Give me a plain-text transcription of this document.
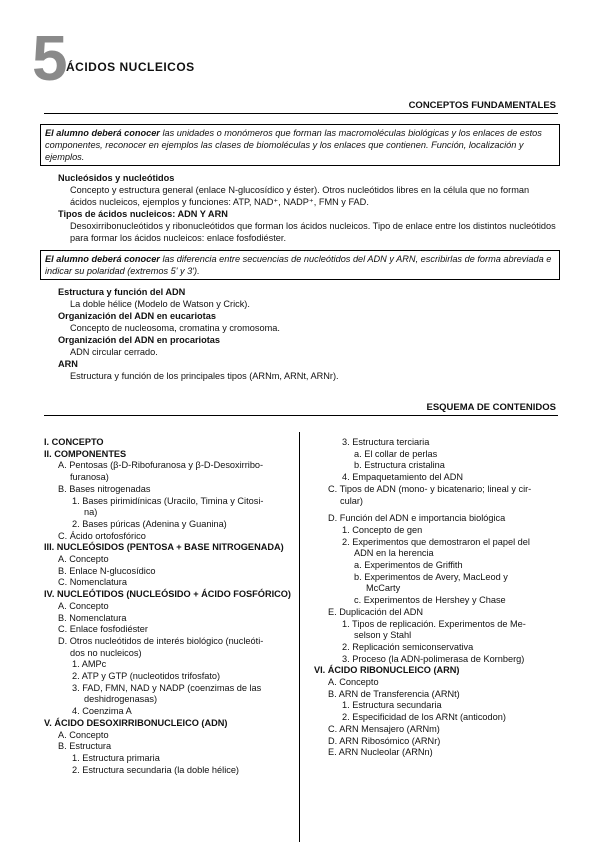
5
ÁCIDOS NUCLEICOS
CONCEPTOS FUNDAMENTALES
El alumno deberá conocer las unidades o monómeros que forman las macromoléculas biológicas y los enlaces de estos componentes, reconocer en ejemplos las clases de biomoléculas y los enlaces que contienen. Función, localización y ejemplos.
Nucleósidos y nucleótidos
Concepto y estructura general (enlace N-glucosídico y éster). Otros nucleótidos libres en la célula que no forman ácidos nucleicos, ejemplos y funciones: ATP, NAD⁺, NADP⁺, FMN y FAD.
Tipos de ácidos nucleicos: ADN Y ARN
Desoxirribonucleótidos y ribonucleótidos que forman los ácidos nucleicos. Tipo de enlace entre los distintos nucleótidos para formar los ácidos nucleicos: enlace fosfodiéster.
El alumno deberá conocer las diferencia entre secuencias de nucleótidos del ADN y ARN, escribirlas de forma abreviada e indicar su polaridad (extremos 5' y 3').
Estructura y función del ADN
La doble hélice (Modelo de Watson y Crick).
Organización del ADN en eucariotas
Concepto de nucleosoma, cromatina y cromosoma.
Organización del ADN en procariotas
ADN circular cerrado.
ARN
Estructura y función de los principales tipos (ARNm, ARNt, ARNr).
ESQUEMA DE CONTENIDOS
I. CONCEPTO
II. COMPONENTES
A. Pentosas (β-D-Ribofuranosa y β-D-Desoxirribo-
furanosa)
B. Bases nitrogenadas
1. Bases pirimidínicas (Uracilo, Timina y Citosi-
na)
2. Bases púricas (Adenina y Guanina)
C. Ácido ortofosfórico
III. NUCLEÓSIDOS (PENTOSA + BASE NITROGENADA)
A. Concepto
B. Enlace N-glucosídico
C. Nomenclatura
IV. NUCLEÓTIDOS (NUCLEÓSIDO + ÁCIDO FOSFÓRICO)
A. Concepto
B. Nomenclatura
C. Enlace fosfodiéster
D. Otros nucleótidos de interés biológico (nucleóti-
dos no nucleicos)
1. AMPc
2. ATP y GTP (nucleotidos trifosfato)
3. FAD, FMN, NAD y NADP (coenzimas de las
deshidrogenasas)
4. Coenzima A
V. ÁCIDO DESOXIRRIBONUCLEICO (ADN)
A. Concepto
B. Estructura
1. Estructura primaria
2. Estructura secundaria (la doble hélice)
3. Estructura terciaria
a. El collar de perlas
b. Estructura cristalina
4. Empaquetamiento del ADN
C. Tipos de ADN (mono- y bicatenario; lineal y cir-
cular)
D. Función del ADN e importancia biológica
1. Concepto de gen
2. Experimentos que demostraron el papel del
ADN en la herencia
a. Experimentos de Griffith
b. Experimentos de Avery, MacLeod y
McCarty
c. Experimentos de Hershey y Chase
E. Duplicación del ADN
1. Tipos de replicación. Experimentos de Me-
selson y Stahl
2. Replicación semiconservativa
3. Proceso (la ADN-polimerasa de Kornberg)
VI. ÁCIDO RIBONUCLEICO (ARN)
A. Concepto
B. ARN de Transferencia (ARNt)
1. Estructura secundaria
2. Especificidad de los ARNt (anticodon)
C. ARN Mensajero (ARNm)
D. ARN Ribosómico (ARNr)
E. ARN Nucleolar (ARNn)
